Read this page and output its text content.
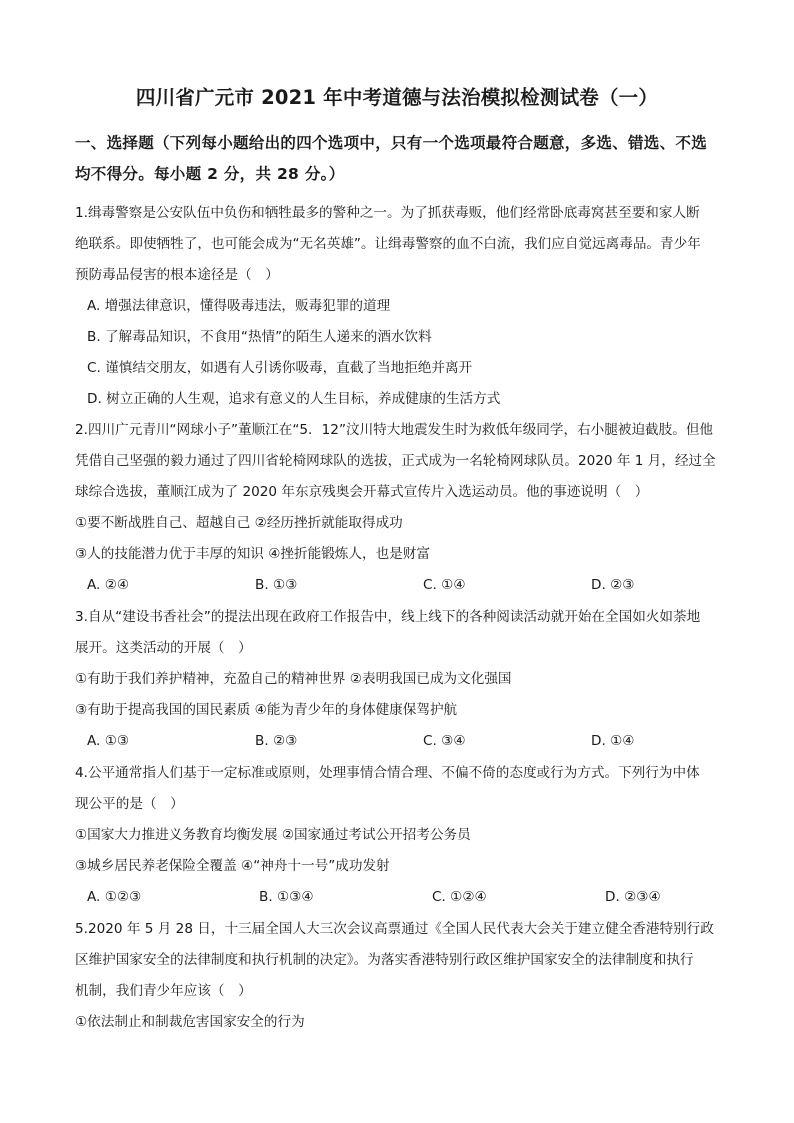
四川省广元市 2021 年中考道德与法治模拟检测试卷（一）
一、选择题（下列每小题给出的四个选项中，只有一个选项最符合题意，多选、错选、不选
均不得分。每小题 2 分，共 28 分。）
1.缉毒警察是公安队伍中负伤和牺牲最多的警种之一。为了抓获毒贩，他们经常卧底毒窝甚至要和家人断
绝联系。即使牺牲了，也可能会成为“无名英雄”。让缉毒警察的血不白流，我们应自觉远离毒品。青少年
预防毒品侵害的根本途径是（　）
A. 增强法律意识，懂得吸毒违法，贩毒犯罪的道理
B. 了解毒品知识，不食用“热情”的陌生人递来的酒水饮料
C. 谨慎结交朋友，如遇有人引诱你吸毒，直截了当地拒绝并离开
D. 树立正确的人生观，追求有意义的人生目标，养成健康的生活方式
2.四川广元青川“网球小子”董顺江在“5．12”汶川特大地震发生时为救低年级同学，右小腿被迫截肢。但他
凭借自己坚强的毅力通过了四川省轮椅网球队的选拔，正式成为一名轮椅网球队员。2020 年 1 月，经过全
球综合选拔，董顺江成为了 2020 年东京残奥会开幕式宣传片入选运动员。他的事迹说明（　）
①要不断战胜自己、超越自己 ②经历挫折就能取得成功
③人的技能潜力优于丰厚的知识 ④挫折能锻炼人，也是财富
A. ②④	B. ①③	C. ①④	D. ②③
3.自从“建设书香社会”的提法出现在政府工作报告中，线上线下的各种阅读活动就开始在全国如火如荼地
展开。这类活动的开展（　）
①有助于我们养护精神，充盈自己的精神世界 ②表明我国已成为文化强国
③有助于提高我国的国民素质 ④能为青少年的身体健康保驾护航
A. ①③	B. ②③	C. ③④	D. ①④
4.公平通常指人们基于一定标准或原则，处理事情合情合理、不偏不倚的态度或行为方式。下列行为中体
现公平的是（　）
①国家大力推进义务教育均衡发展 ②国家通过考试公开招考公务员
③城乡居民养老保险全覆盖 ④“神舟十一号”成功发射
A. ①②③	B. ①③④	C. ①②④	D. ②③④
5.2020 年 5 月 28 日，十三届全国人大三次会议高票通过《全国人民代表大会关于建立健全香港特别行政
区维护国家安全的法律制度和执行机制的决定》。为落实香港特别行政区维护国家安全的法律制度和执行
机制，我们青少年应该（　）
①依法制止和制裁危害国家安全的行为
